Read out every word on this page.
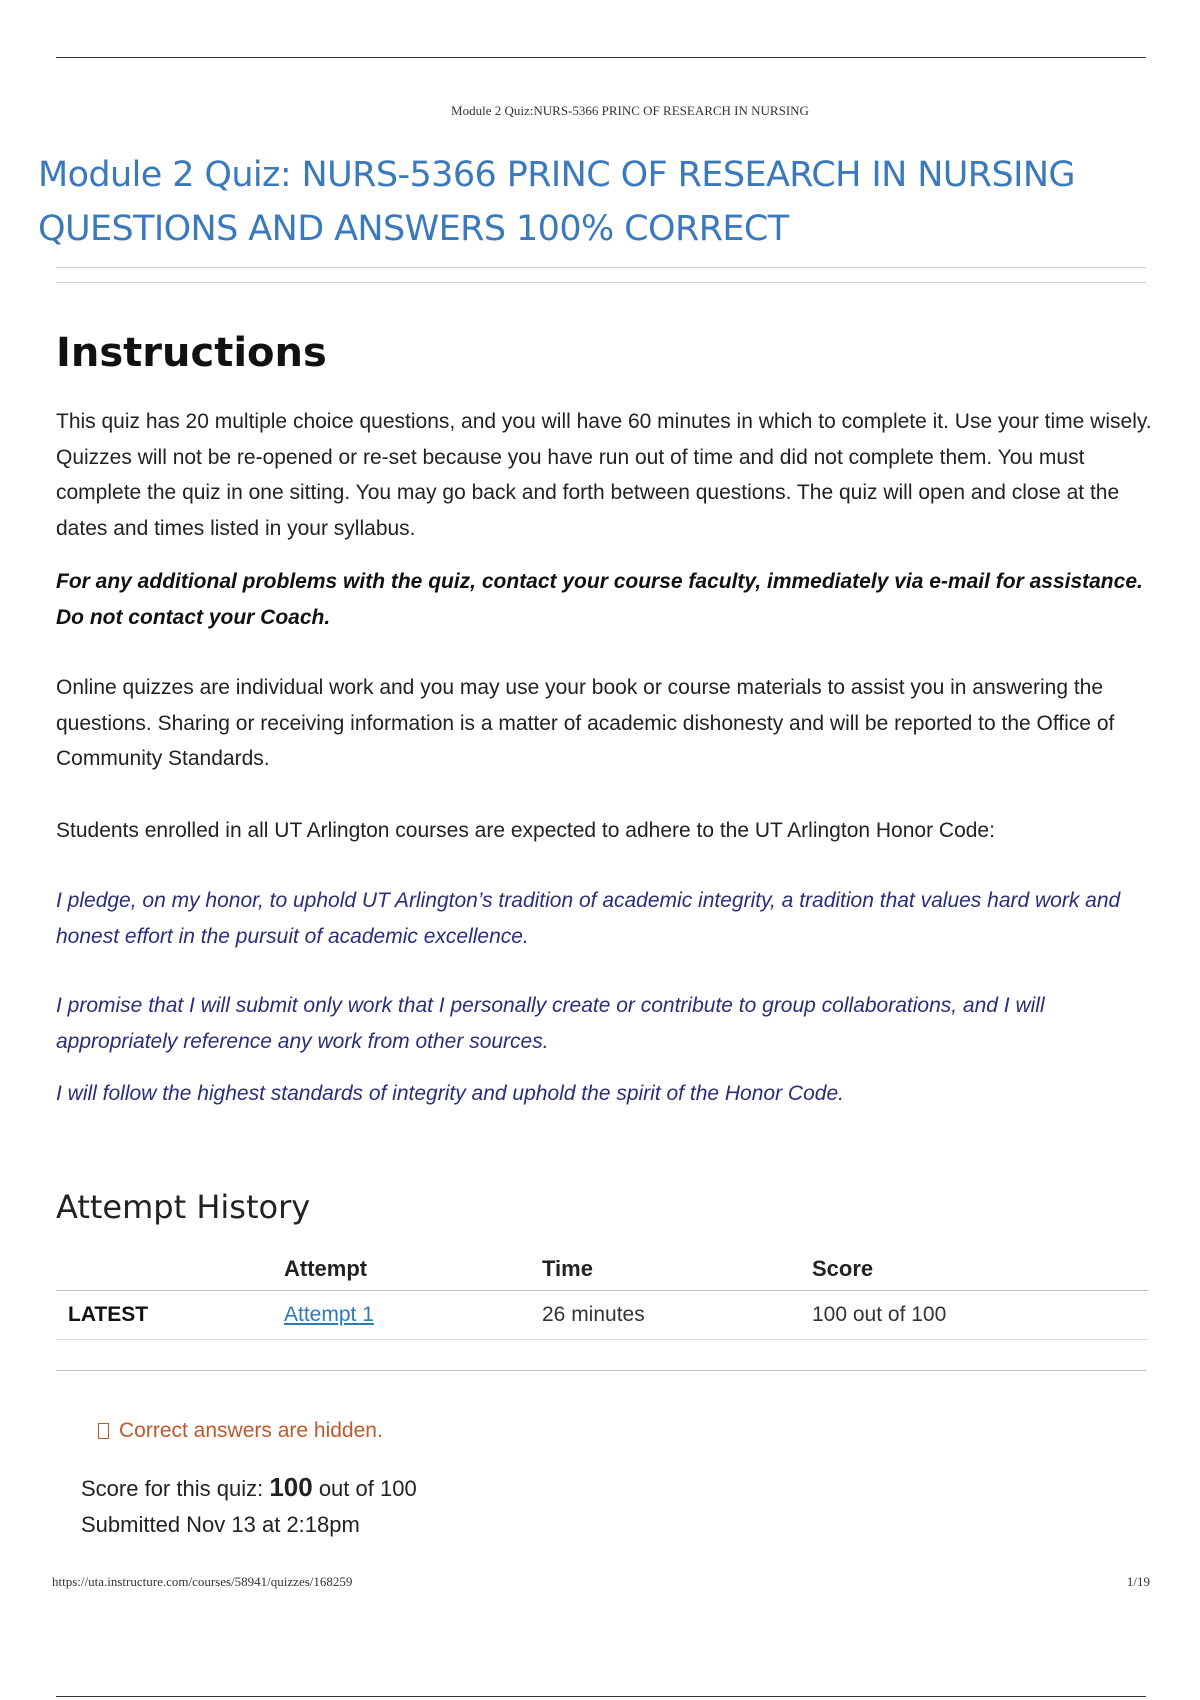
Module 2 Quiz:NURS-5366 PRINC OF RESEARCH IN NURSING
Module 2 Quiz: NURS-5366 PRINC OF RESEARCH IN NURSING QUESTIONS AND ANSWERS 100% CORRECT
Instructions

This quiz has 20 multiple choice questions, and you will have 60 minutes in which to complete it. Use your time wisely. Quizzes will not be re-opened or re-set because you have run out of time and did not complete them. You must complete the quiz in one sitting. You may go back and forth between questions. The quiz will open and close at the dates and times listed in your syllabus.

For any additional problems with the quiz, contact your course faculty, immediately via e-mail for assistance. Do not contact your Coach.

Online quizzes are individual work and you may use your book or course materials to assist you in answering the questions. Sharing or receiving information is a matter of academic dishonesty and will be reported to the Office of Community Standards.

Students enrolled in all UT Arlington courses are expected to adhere to the UT Arlington Honor Code:

I pledge, on my honor, to uphold UT Arlington’s tradition of academic integrity, a tradition that values hard work and honest effort in the pursuit of academic excellence.

I promise that I will submit only work that I personally create or contribute to group collaborations, and I will appropriately reference any work from other sources.

I will follow the highest standards of integrity and uphold the spirit of the Honor Code.

Attempt History
	Attempt	Time	Score
LATEST	Attempt 1	26 minutes	100 out of 100
Correct answers are hidden.
Score for this quiz: 100 out of 100
Submitted Nov 13 at 2:18pm
https://uta.instructure.com/courses/58941/quizzes/168259	1/19
